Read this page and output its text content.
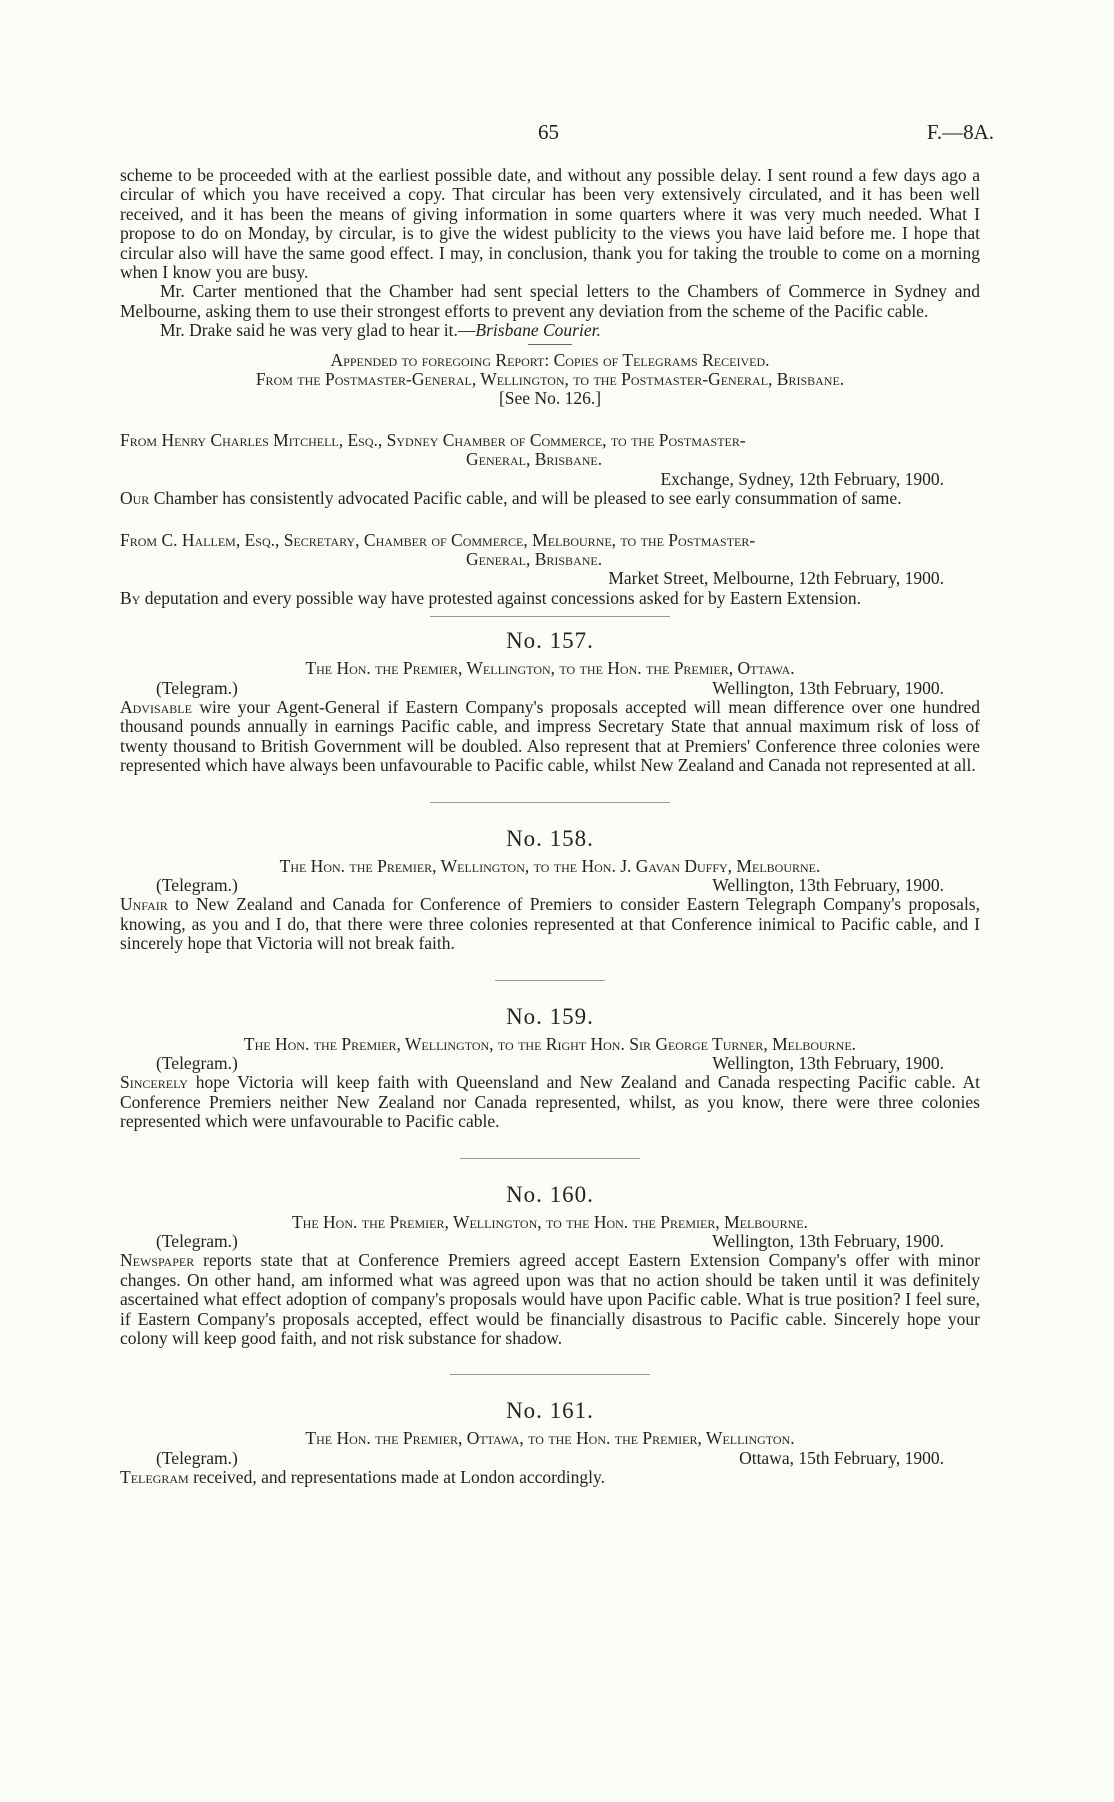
65	F.—8A.

scheme to be proceeded with at the earliest possible date, and without any possible delay. I sent round a few days ago a circular of which you have received a copy. That circular has been very extensively circulated, and it has been well received, and it has been the means of giving information in some quarters where it was very much needed. What I propose to do on Monday, by circular, is to give the widest publicity to the views you have laid before me. I hope that circular also will have the same good effect. I may, in conclusion, thank you for taking the trouble to come on a morning when I know you are busy.

Mr. Carter mentioned that the Chamber had sent special letters to the Chambers of Commerce in Sydney and Melbourne, asking them to use their strongest efforts to prevent any deviation from the scheme of the Pacific cable.

Mr. Drake said he was very glad to hear it.—Brisbane Courier.

Appended to foregoing Report: Copies of Telegrams Received.

From the Postmaster-General, Wellington, to the Postmaster-General, Brisbane.

[See No. 126.]

From Henry Charles Mitchell, Esq., Sydney Chamber of Commerce, to the Postmaster-

General, Brisbane.

Exchange, Sydney, 12th February, 1900.

Our Chamber has consistently advocated Pacific cable, and will be pleased to see early consummation of same.

From C. Hallem, Esq., Secretary, Chamber of Commerce, Melbourne, to the Postmaster-

General, Brisbane.

Market Street, Melbourne, 12th February, 1900.

By deputation and every possible way have protested against concessions asked for by Eastern Extension.

No. 157.

The Hon. the Premier, Wellington, to the Hon. the Premier, Ottawa.

(Telegram.)	Wellington, 13th February, 1900.

Advisable wire your Agent-General if Eastern Company's proposals accepted will mean difference over one hundred thousand pounds annually in earnings Pacific cable, and impress Secretary State that annual maximum risk of loss of twenty thousand to British Government will be doubled. Also represent that at Premiers' Conference three colonies were represented which have always been unfavourable to Pacific cable, whilst New Zealand and Canada not represented at all.

No. 158.

The Hon. the Premier, Wellington, to the Hon. J. Gavan Duffy, Melbourne.

(Telegram.)	Wellington, 13th February, 1900.

Unfair to New Zealand and Canada for Conference of Premiers to consider Eastern Telegraph Company's proposals, knowing, as you and I do, that there were three colonies represented at that Conference inimical to Pacific cable, and I sincerely hope that Victoria will not break faith.

No. 159.

The Hon. the Premier, Wellington, to the Right Hon. Sir George Turner, Melbourne.

(Telegram.)	Wellington, 13th February, 1900.

Sincerely hope Victoria will keep faith with Queensland and New Zealand and Canada respecting Pacific cable. At Conference Premiers neither New Zealand nor Canada represented, whilst, as you know, there were three colonies represented which were unfavourable to Pacific cable.

No. 160.

The Hon. the Premier, Wellington, to the Hon. the Premier, Melbourne.

(Telegram.)	Wellington, 13th February, 1900.

Newspaper reports state that at Conference Premiers agreed accept Eastern Extension Company's offer with minor changes. On other hand, am informed what was agreed upon was that no action should be taken until it was definitely ascertained what effect adoption of company's proposals would have upon Pacific cable. What is true position? I feel sure, if Eastern Company's proposals accepted, effect would be financially disastrous to Pacific cable. Sincerely hope your colony will keep good faith, and not risk substance for shadow.

No. 161.

The Hon. the Premier, Ottawa, to the Hon. the Premier, Wellington.

(Telegram.)	Ottawa, 15th February, 1900.

Telegram received, and representations made at London accordingly.
